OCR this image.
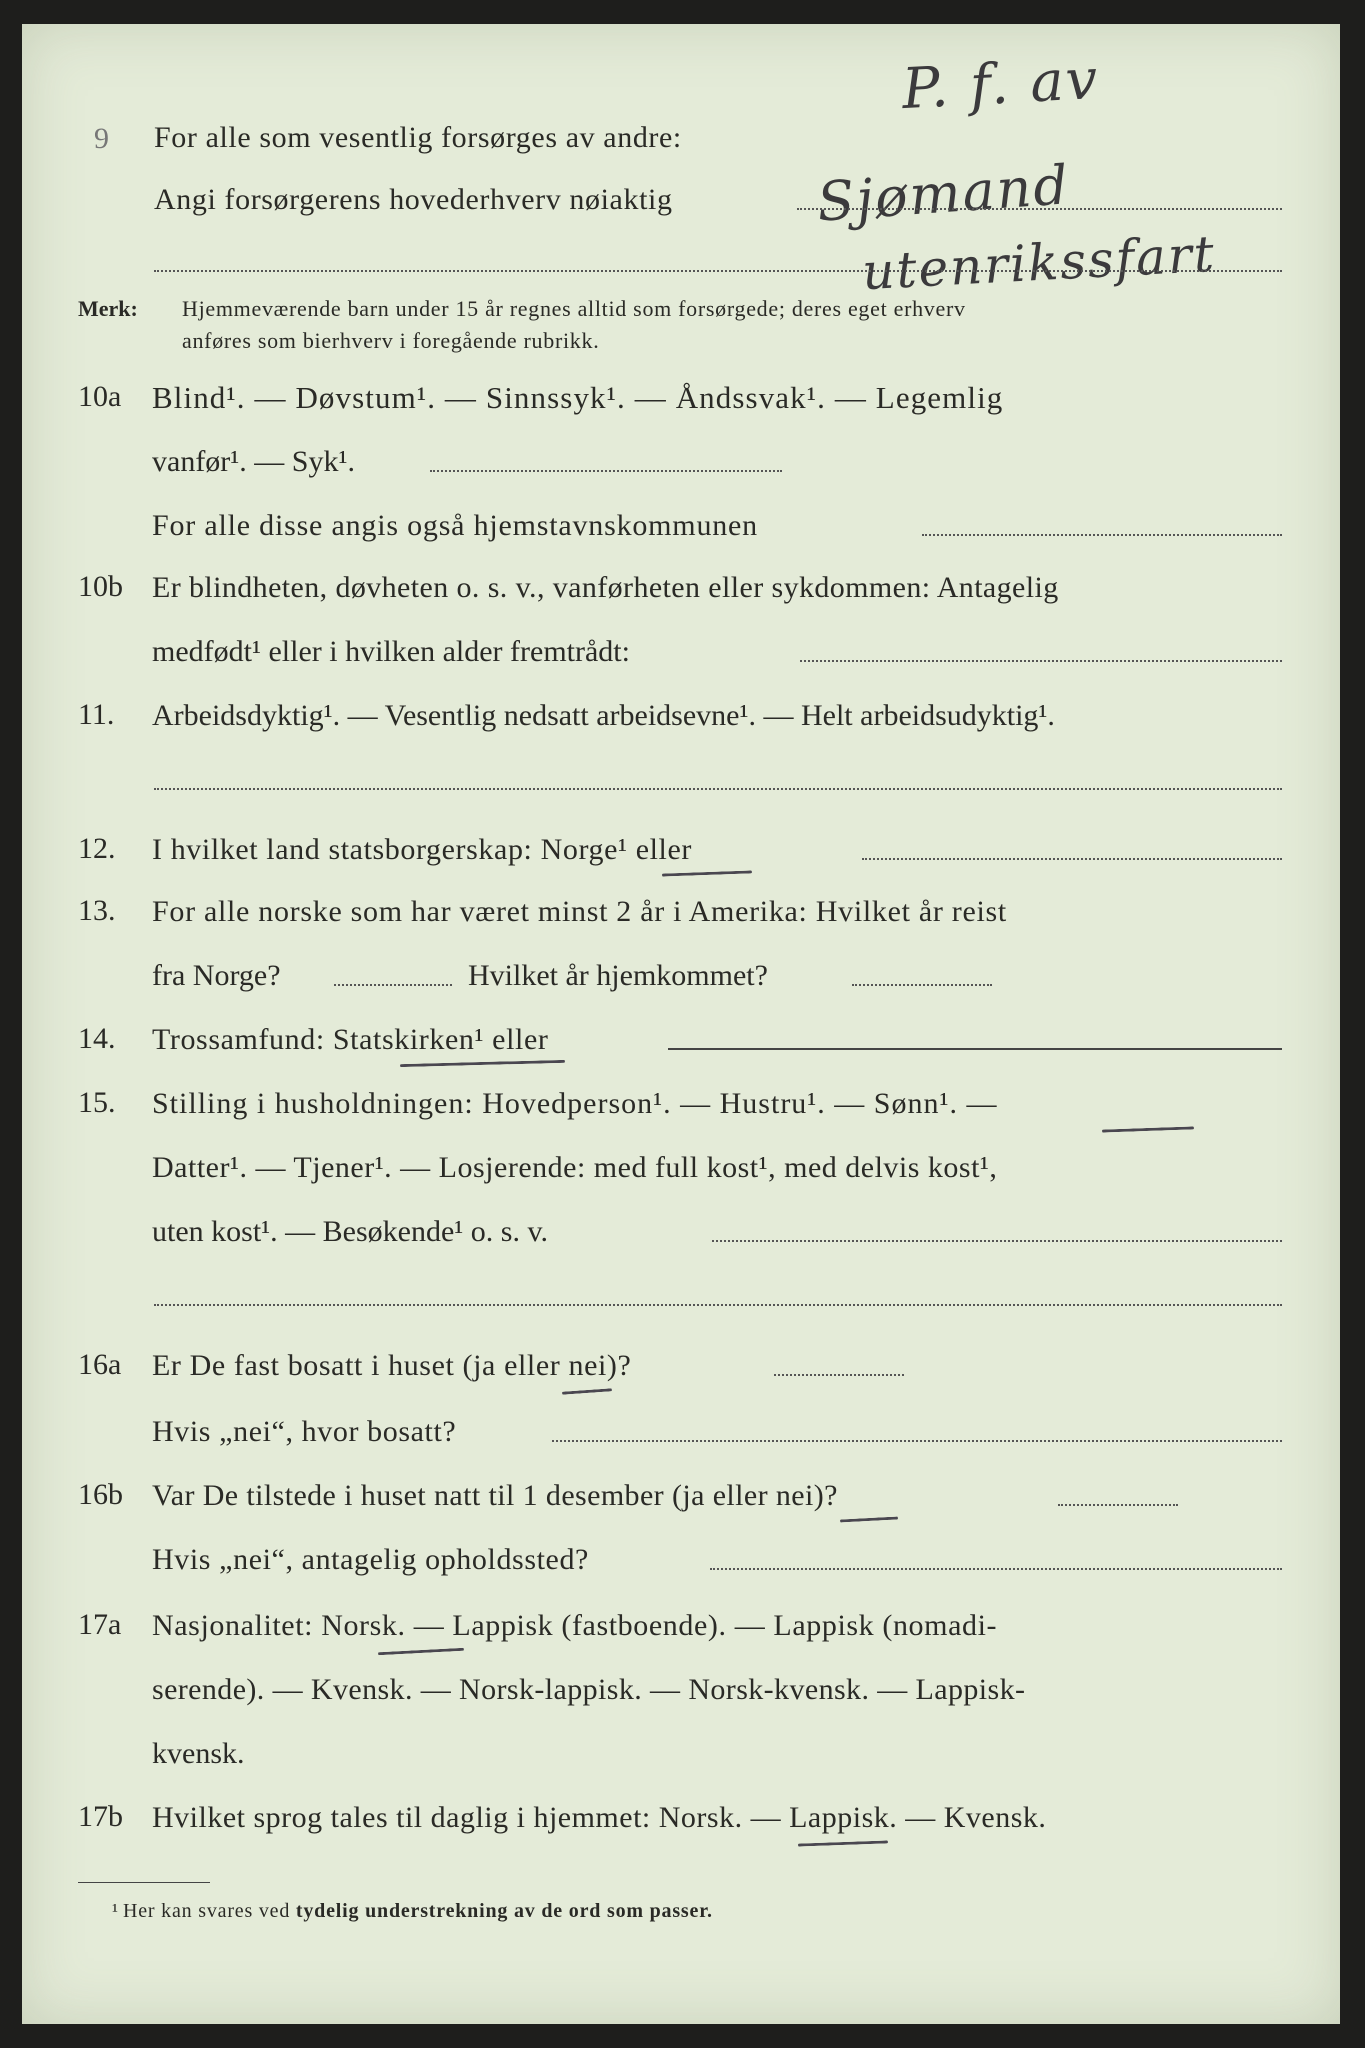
P. f. av
Sjømand
utenrikssfart
9 For alle som vesentlig forsørges av andre:
Angi forsørgerens hovederhverv nøiaktig
Merk: Hjemmeværende barn under 15 år regnes alltid som forsørgede; deres eget erhverv
anføres som bierhverv i foregående rubrikk.
10a Blind¹. — Døvstum¹. — Sinnssyk¹. — Åndssvak¹. — Legemlig
vanfør¹. — Syk¹.
For alle disse angis også hjemstavnskommunen
10b Er blindheten, døvheten o. s. v., vanførheten eller sykdommen: Antagelig
medfødt¹ eller i hvilken alder fremtrådt:
11. Arbeidsdyktig¹. — Vesentlig nedsatt arbeidsevne¹. — Helt arbeidsudyktig¹.
12. I hvilket land statsborgerskap: Norge¹ eller
13. For alle norske som har været minst 2 år i Amerika: Hvilket år reist
fra Norge?	Hvilket år hjemkommet?
14. Trossamfund: Statskirken¹ eller
15. Stilling i husholdningen: Hovedperson¹. — Hustru¹. — Sønn¹. —
Datter¹. — Tjener¹. — Losjerende: med full kost¹, med delvis kost¹,
uten kost¹. — Besøkende¹ o. s. v.
16a Er De fast bosatt i huset (ja eller nei)?
Hvis „nei“, hvor bosatt?
16b Var De tilstede i huset natt til 1 desember (ja eller nei)?
Hvis „nei“, antagelig opholdssted?
17a Nasjonalitet: Norsk. — Lappisk (fastboende). — Lappisk (nomadi-
serende). — Kvensk. — Norsk-lappisk. — Norsk-kvensk. — Lappisk-
kvensk.
17b Hvilket sprog tales til daglig i hjemmet: Norsk. — Lappisk. — Kvensk.
¹ Her kan svares ved tydelig understrekning av de ord som passer.
